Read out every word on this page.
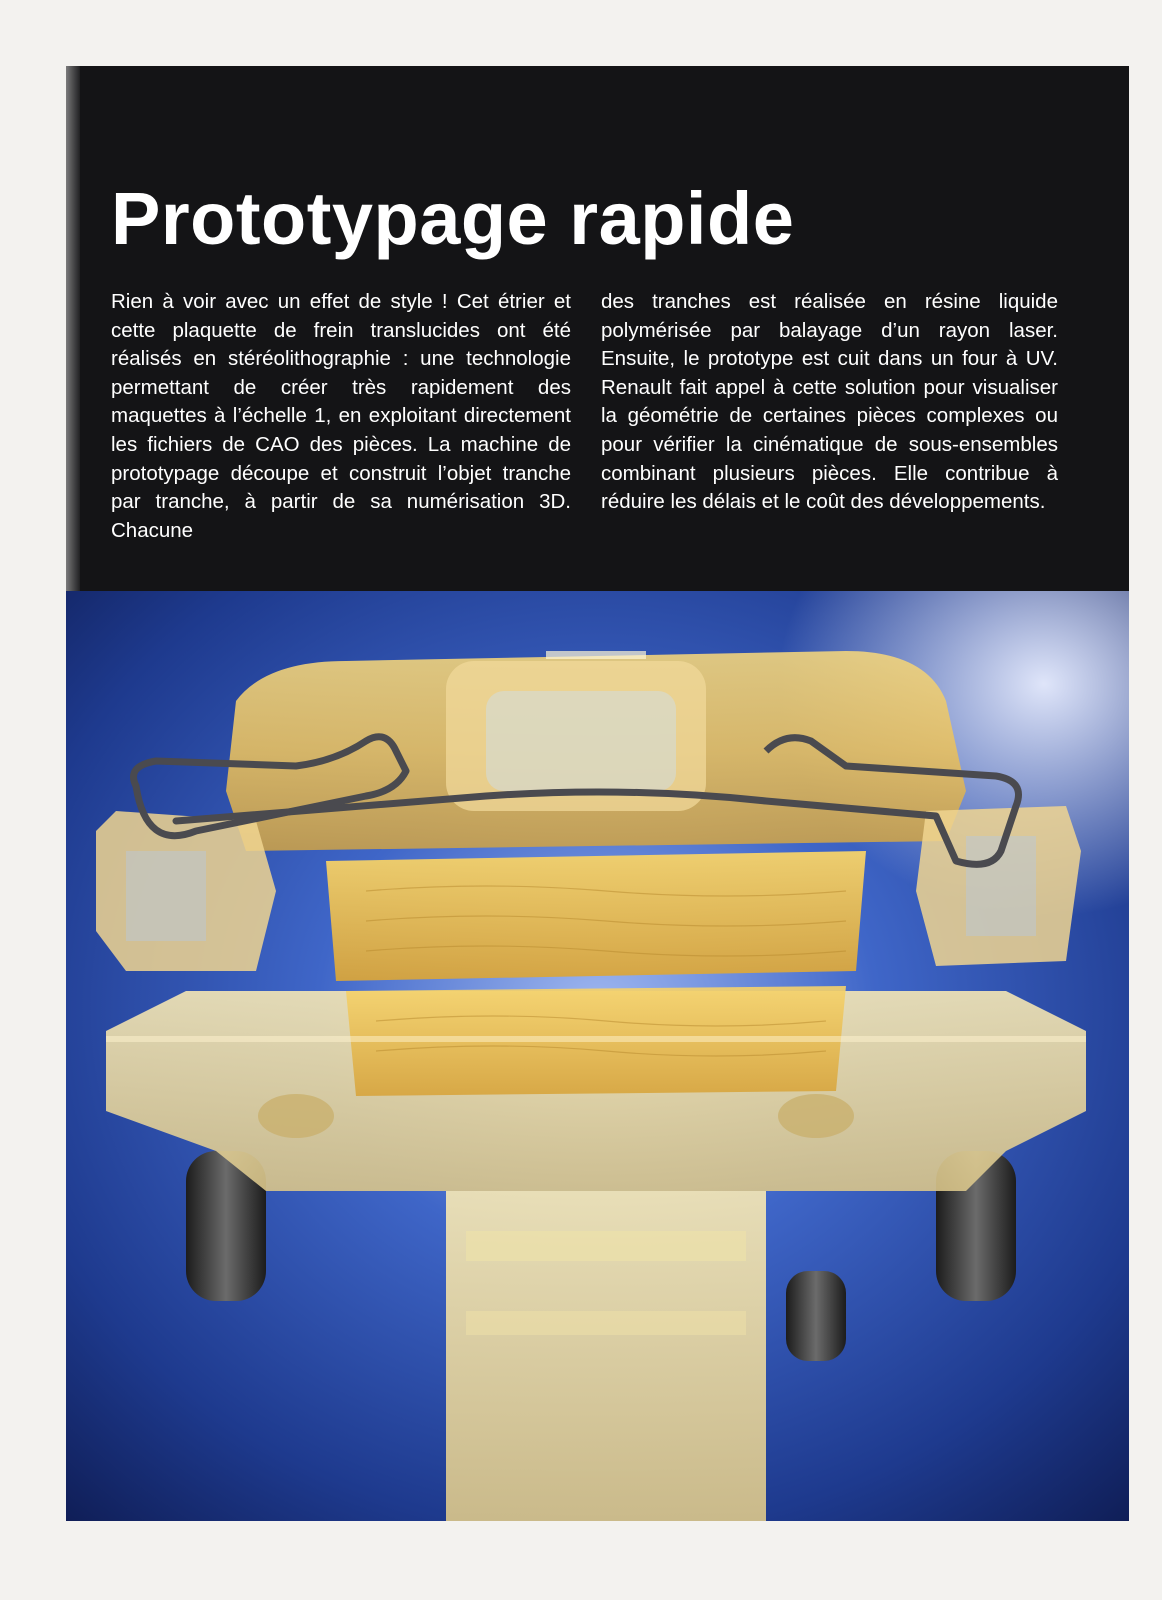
Prototypage rapide

Rien à voir avec un effet de style ! Cet étrier et cette plaquette de frein translucides ont été réalisés en stéréolithographie : une technologie permettant de créer très rapidement des maquettes à l’échelle 1, en exploitant directement les fichiers de CAO des pièces. La machine de prototypage découpe et construit l’objet tranche par tranche, à partir de sa numérisation 3D. Chacune

des tranches est réalisée en résine liquide polymérisée par balayage d’un rayon laser. Ensuite, le prototype est cuit dans un four à UV. Renault fait appel à cette solution pour visualiser la géométrie de certaines pièces complexes ou pour vérifier la cinématique de sous-ensembles combinant plusieurs pièces. Elle contribue à réduire les délais et le coût des développements.
